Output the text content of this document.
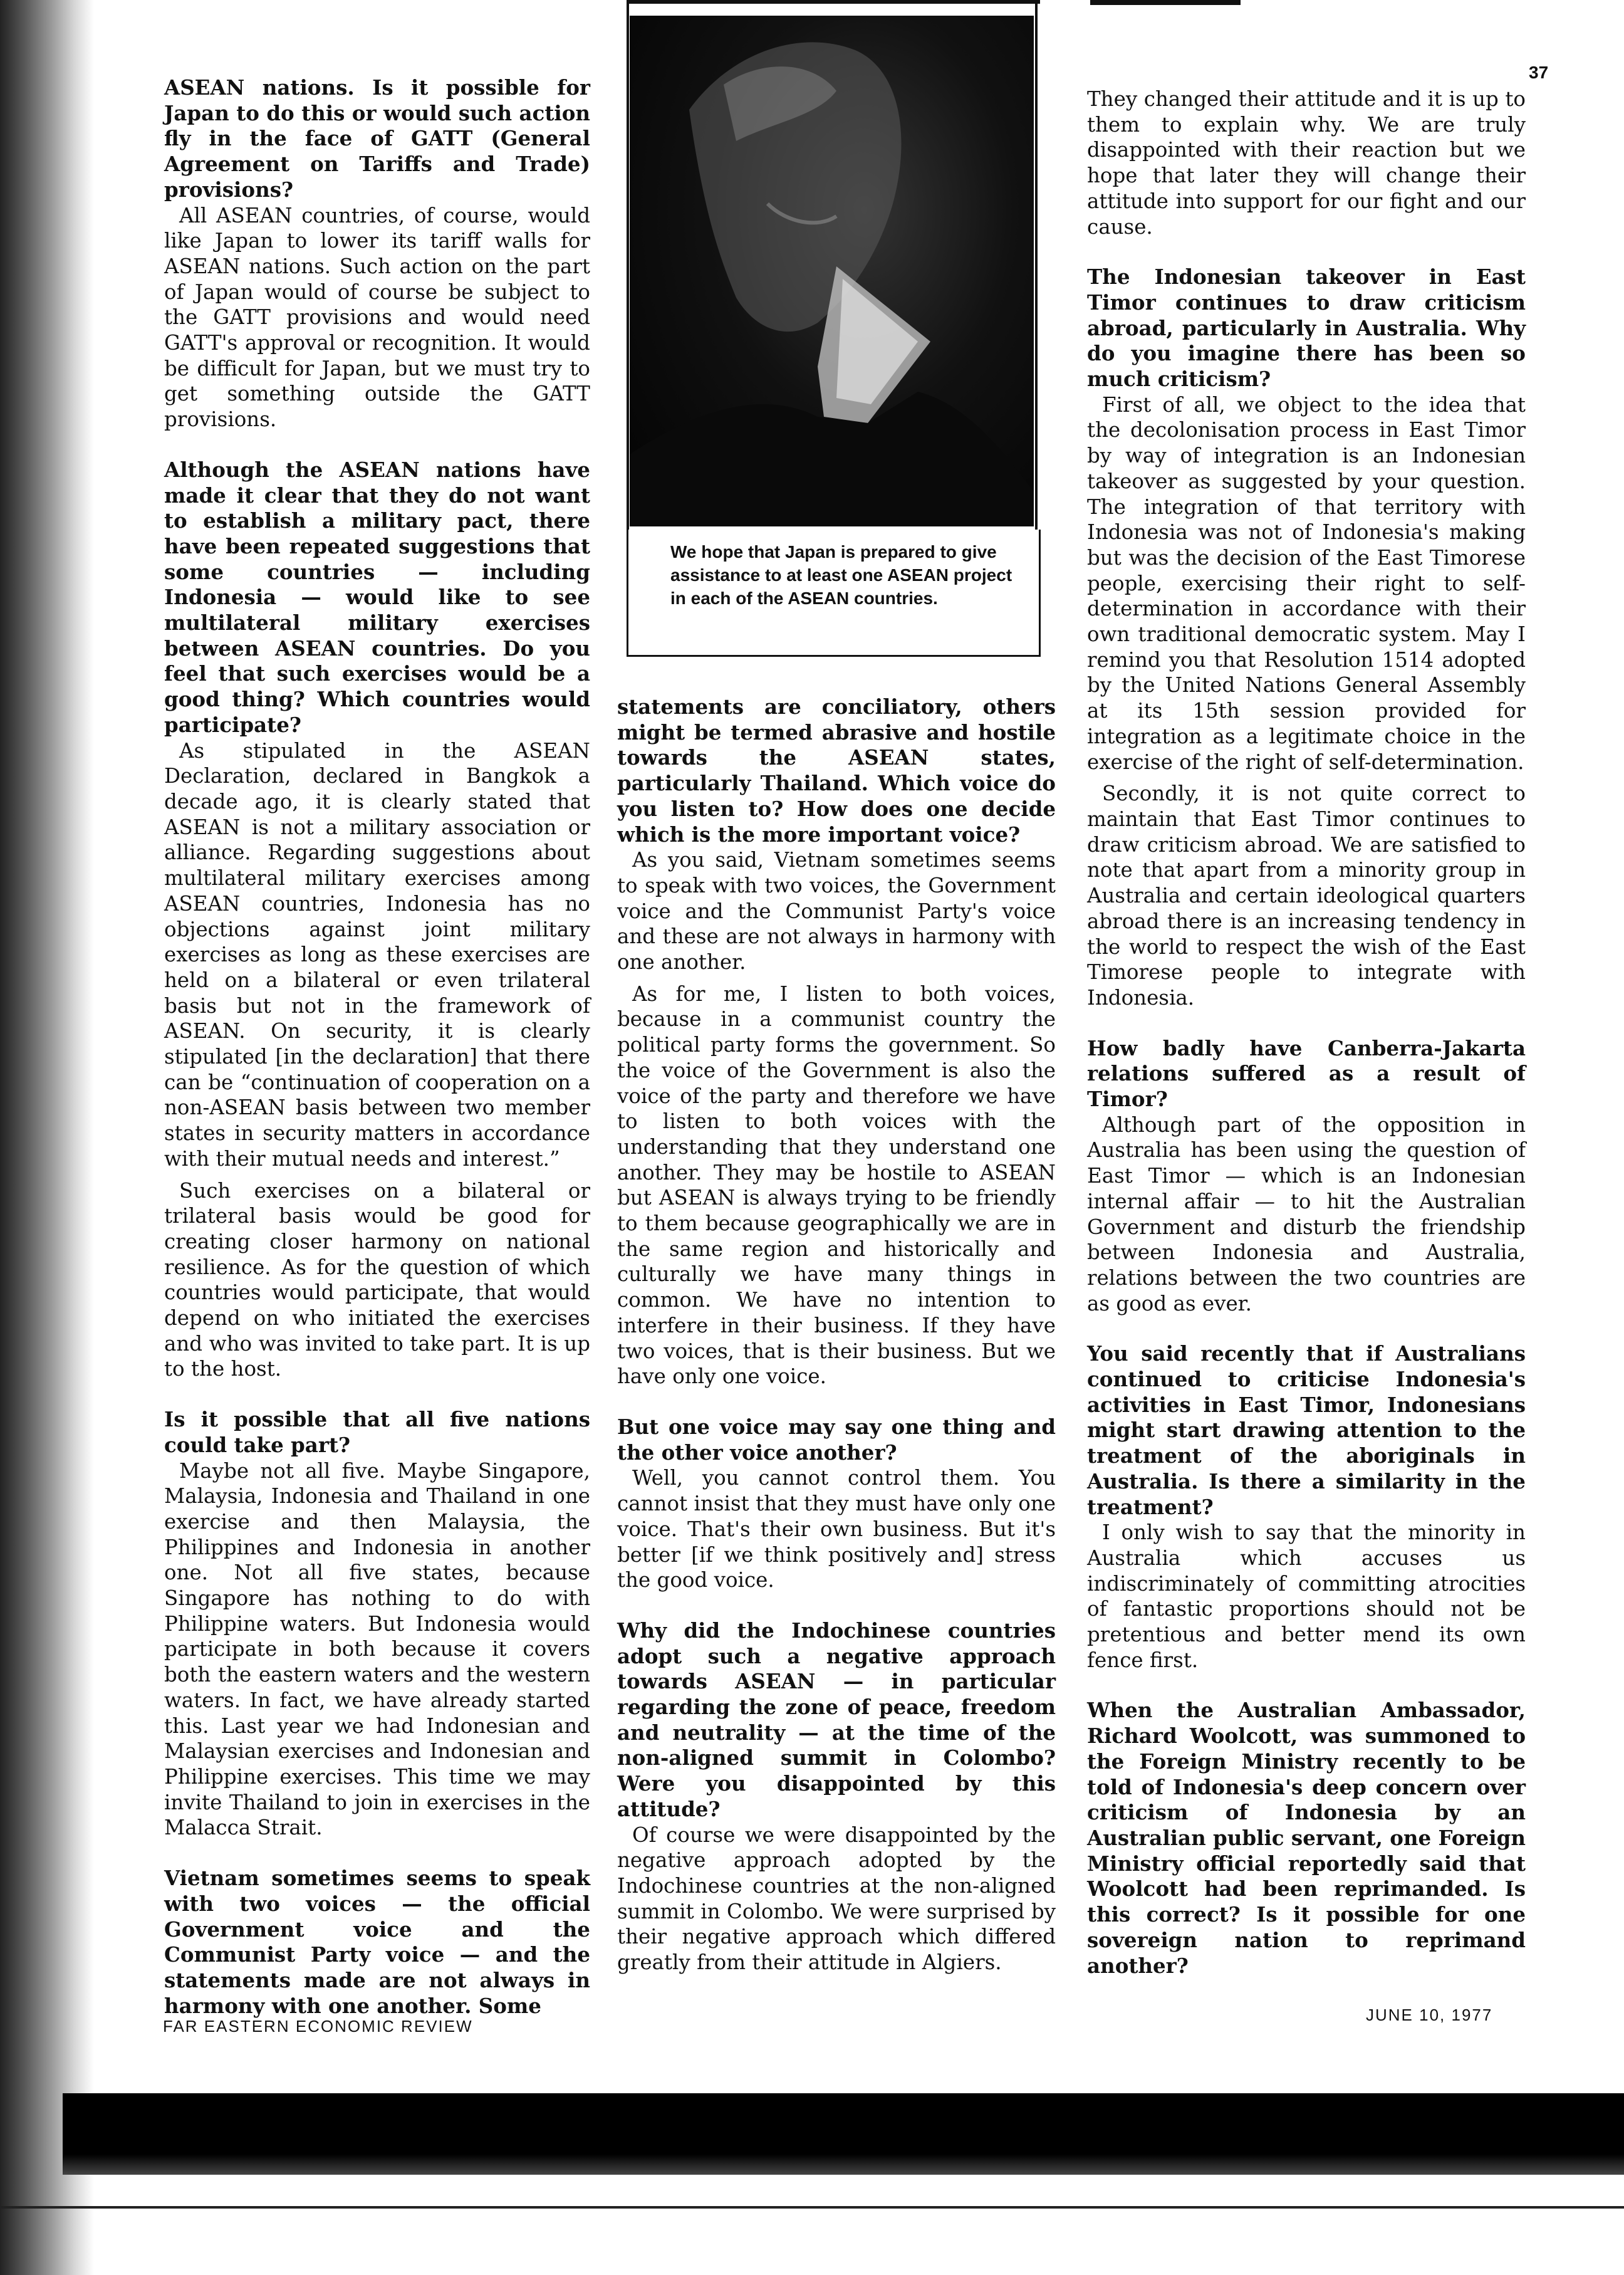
37
We hope that Japan is prepared to give assistance to at least one ASEAN project in each of the ASEAN countries.

ASEAN nations. Is it possible for Japan to do this or would such action fly in the face of GATT (General Agreement on Tariffs and Trade) provisions?

All ASEAN countries, of course, would like Japan to lower its tariff walls for ASEAN nations. Such action on the part of Japan would of course be subject to the GATT provisions and would need GATT's approval or recognition. It would be difficult for Japan, but we must try to get something outside the GATT provisions.

Although the ASEAN nations have made it clear that they do not want to establish a military pact, there have been repeated suggestions that some countries — including Indonesia — would like to see multilateral military exercises between ASEAN countries. Do you feel that such exercises would be a good thing? Which countries would participate?

As stipulated in the ASEAN Declaration, declared in Bangkok a decade ago, it is clearly stated that ASEAN is not a military association or alliance. Regarding suggestions about multilateral military exercises among ASEAN countries, Indonesia has no objections against joint military exercises as long as these exercises are held on a bilateral or even trilateral basis but not in the framework of ASEAN. On security, it is clearly stipulated [in the declaration] that there can be “continuation of cooperation on a non-ASEAN basis between two member states in security matters in accordance with their mutual needs and interest.”

Such exercises on a bilateral or trilateral basis would be good for creating closer harmony on national resilience. As for the question of which countries would participate, that would depend on who initiated the exercises and who was invited to take part. It is up to the host.

Is it possible that all five nations could take part?

Maybe not all five. Maybe Singapore, Malaysia, Indonesia and Thailand in one exercise and then Malaysia, the Philippines and Indonesia in another one. Not all five states, because Singapore has nothing to do with Philippine waters. But Indonesia would participate in both because it covers both the eastern waters and the western waters. In fact, we have already started this. Last year we had Indonesian and Malaysian exercises and Indonesian and Philippine exercises. This time we may invite Thailand to join in exercises in the Malacca Strait.

Vietnam sometimes seems to speak with two voices — the official Government voice and the Communist Party voice — and the statements made are not always in harmony with one another. Some

statements are conciliatory, others might be termed abrasive and hostile towards the ASEAN states, particularly Thailand. Which voice do you listen to? How does one decide which is the more important voice?

As you said, Vietnam sometimes seems to speak with two voices, the Government voice and the Communist Party's voice and these are not always in harmony with one another.

As for me, I listen to both voices, because in a communist country the political party forms the government. So the voice of the Government is also the voice of the party and therefore we have to listen to both voices with the understanding that they understand one another. They may be hostile to ASEAN but ASEAN is always trying to be friendly to them because geographically we are in the same region and historically and culturally we have many things in common. We have no intention to interfere in their business. If they have two voices, that is their business. But we have only one voice.

But one voice may say one thing and the other voice another?

Well, you cannot control them. You cannot insist that they must have only one voice. That's their own business. But it's better [if we think positively and] stress the good voice.

Why did the Indochinese countries adopt such a negative approach towards ASEAN — in particular regarding the zone of peace, freedom and neutrality — at the time of the non-aligned summit in Colombo? Were you disappointed by this attitude?

Of course we were disappointed by the negative approach adopted by the Indochinese countries at the non-aligned summit in Colombo. We were surprised by their negative approach which differed greatly from their attitude in Algiers.

They changed their attitude and it is up to them to explain why. We are truly disappointed with their reaction but we hope that later they will change their attitude into support for our fight and our cause.

The Indonesian takeover in East Timor continues to draw criticism abroad, particularly in Australia. Why do you imagine there has been so much criticism?

First of all, we object to the idea that the decolonisation process in East Timor by way of integration is an Indonesian takeover as suggested by your question. The integration of that territory with Indonesia was not of Indonesia's making but was the decision of the East Timorese people, exercising their right to self-determination in accordance with their own traditional democratic system. May I remind you that Resolution 1514 adopted by the United Nations General Assembly at its 15th session provided for integration as a legitimate choice in the exercise of the right of self-determination.

Secondly, it is not quite correct to maintain that East Timor continues to draw criticism abroad. We are satisfied to note that apart from a minority group in Australia and certain ideological quarters abroad there is an increasing tendency in the world to respect the wish of the East Timorese people to integrate with Indonesia.

How badly have Canberra-Jakarta relations suffered as a result of Timor?

Although part of the opposition in Australia has been using the question of East Timor — which is an Indonesian internal affair — to hit the Australian Government and disturb the friendship between Indonesia and Australia, relations between the two countries are as good as ever.

You said recently that if Australians continued to criticise Indonesia's activities in East Timor, Indonesians might start drawing attention to the treatment of the aboriginals in Australia. Is there a similarity in the treatment?

I only wish to say that the minority in Australia which accuses us indiscriminately of committing atrocities of fantastic proportions should not be pretentious and better mend its own fence first.

When the Australian Ambassador, Richard Woolcott, was summoned to the Foreign Ministry recently to be told of Indonesia's deep concern over criticism of Indonesia by an Australian public servant, one Foreign Ministry official reportedly said that Woolcott had been reprimanded. Is this correct? Is it possible for one sovereign nation to reprimand another?

FAR EASTERN ECONOMIC REVIEW
JUNE 10, 1977
